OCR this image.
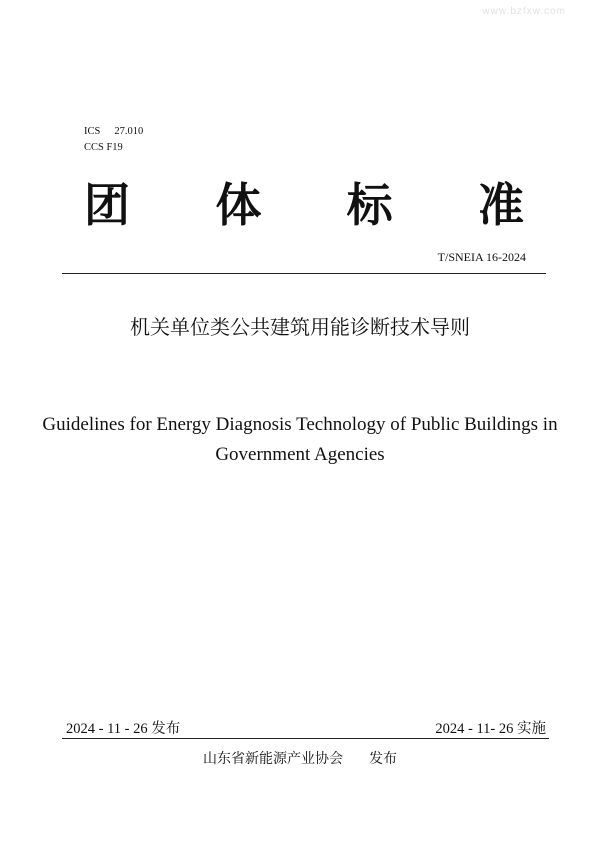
www.bzfxw.com
ICS 27.010
CCS F19
团 体 标 准
T/SNEIA 16-2024
机关单位类公共建筑用能诊断技术导则
Guidelines for Energy Diagnosis Technology of Public Buildings in
Government Agencies
2024 - 11 - 26 发布	2024 - 11- 26 实施
山东省新能源产业协会 发布
